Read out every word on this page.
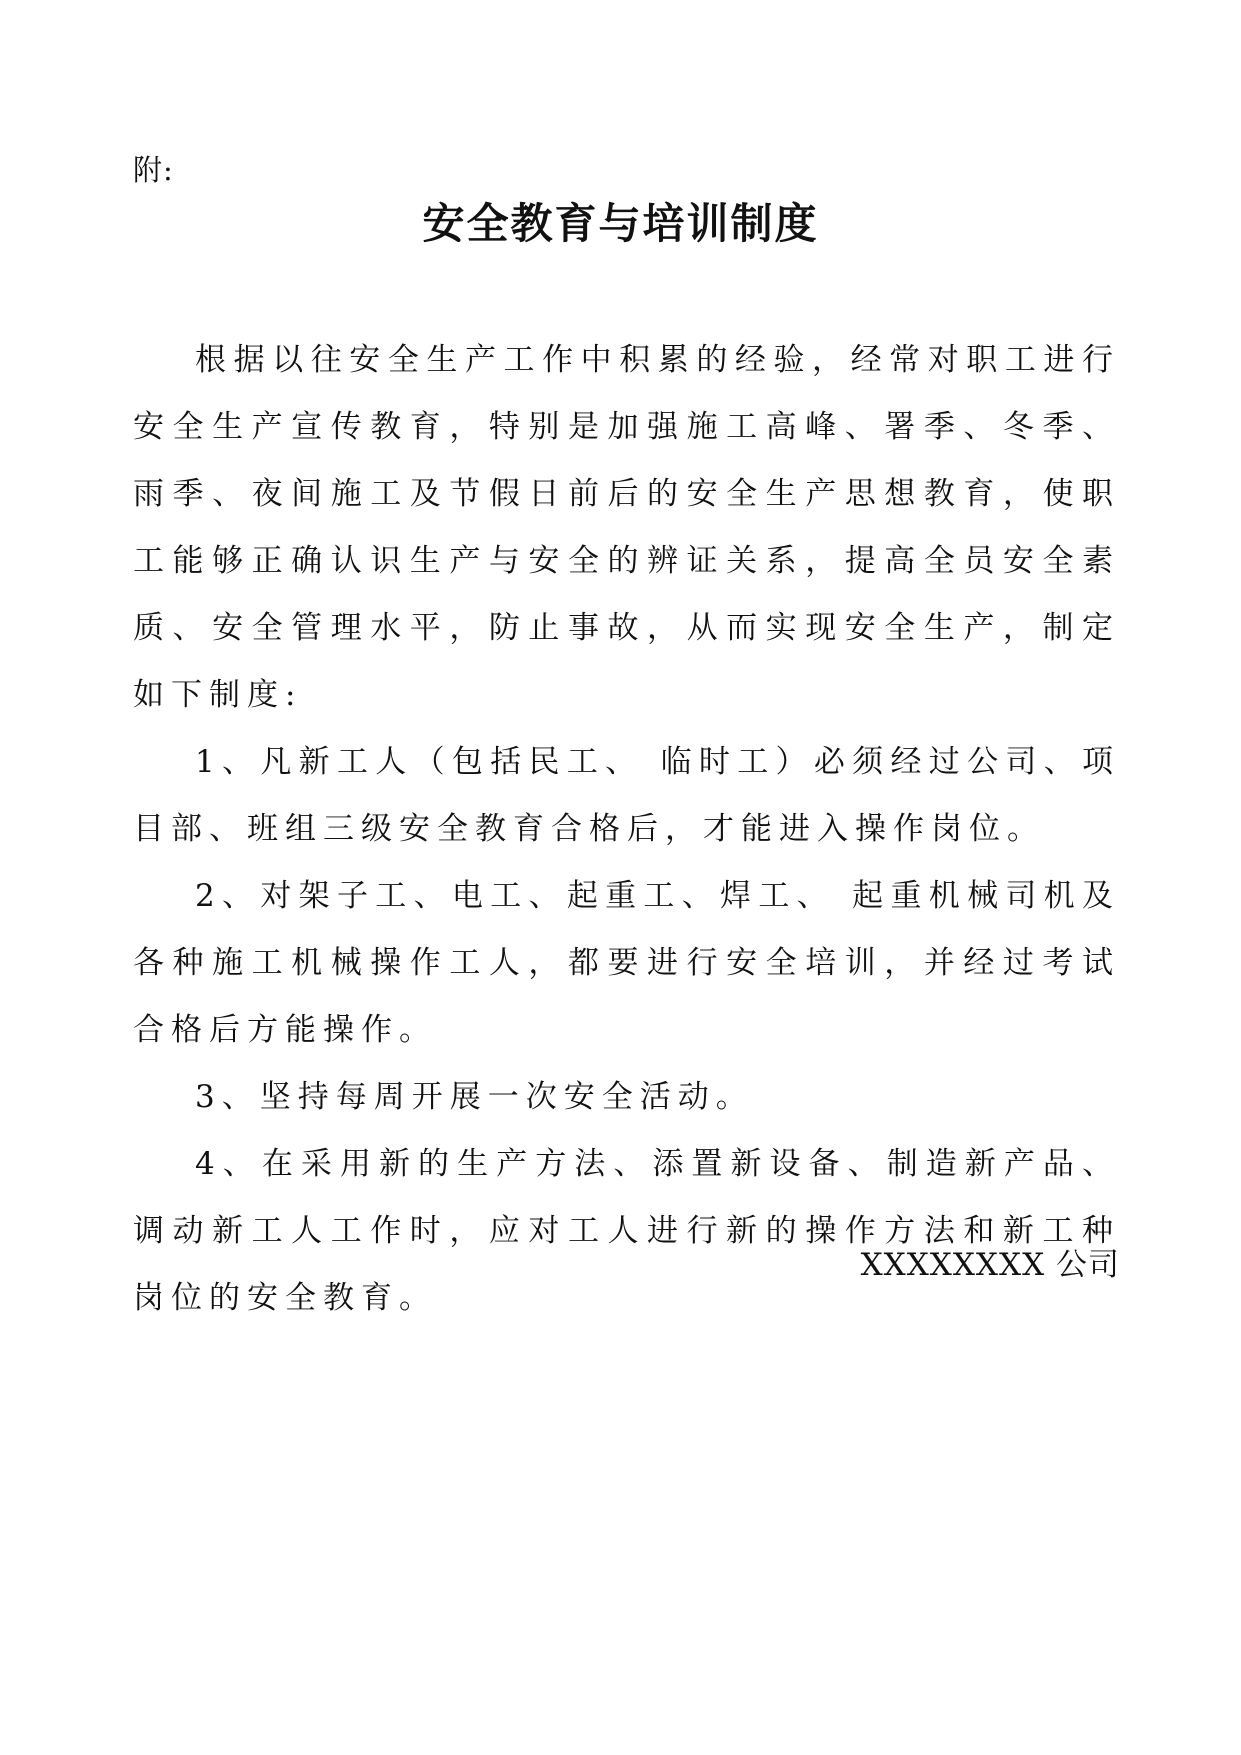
附:
安全教育与培训制度

根据以往安全生产工作中积累的经验，经常对职工进行安全生产宣传教育，特别是加强施工高峰、署季、冬季、雨季、夜间施工及节假日前后的安全生产思想教育，使职工能够正确认识生产与安全的辨证关系，提高全员安全素质、安全管理水平，防止事故，从而实现安全生产，制定如下制度:

1、凡新工人（包括民工、 临时工）必须经过公司、项目部、班组三级安全教育合格后，才能进入操作岗位。

2、对架子工、电工、起重工、焊工、 起重机械司机及各种施工机械操作工人，都要进行安全培训，并经过考试合格后方能操作。

3、坚持每周开展一次安全活动。

4、在采用新的生产方法、添置新设备、制造新产品、调动新工人工作时，应对工人进行新的操作方法和新工种岗位的安全教育。

XXXXXXXX 公司
